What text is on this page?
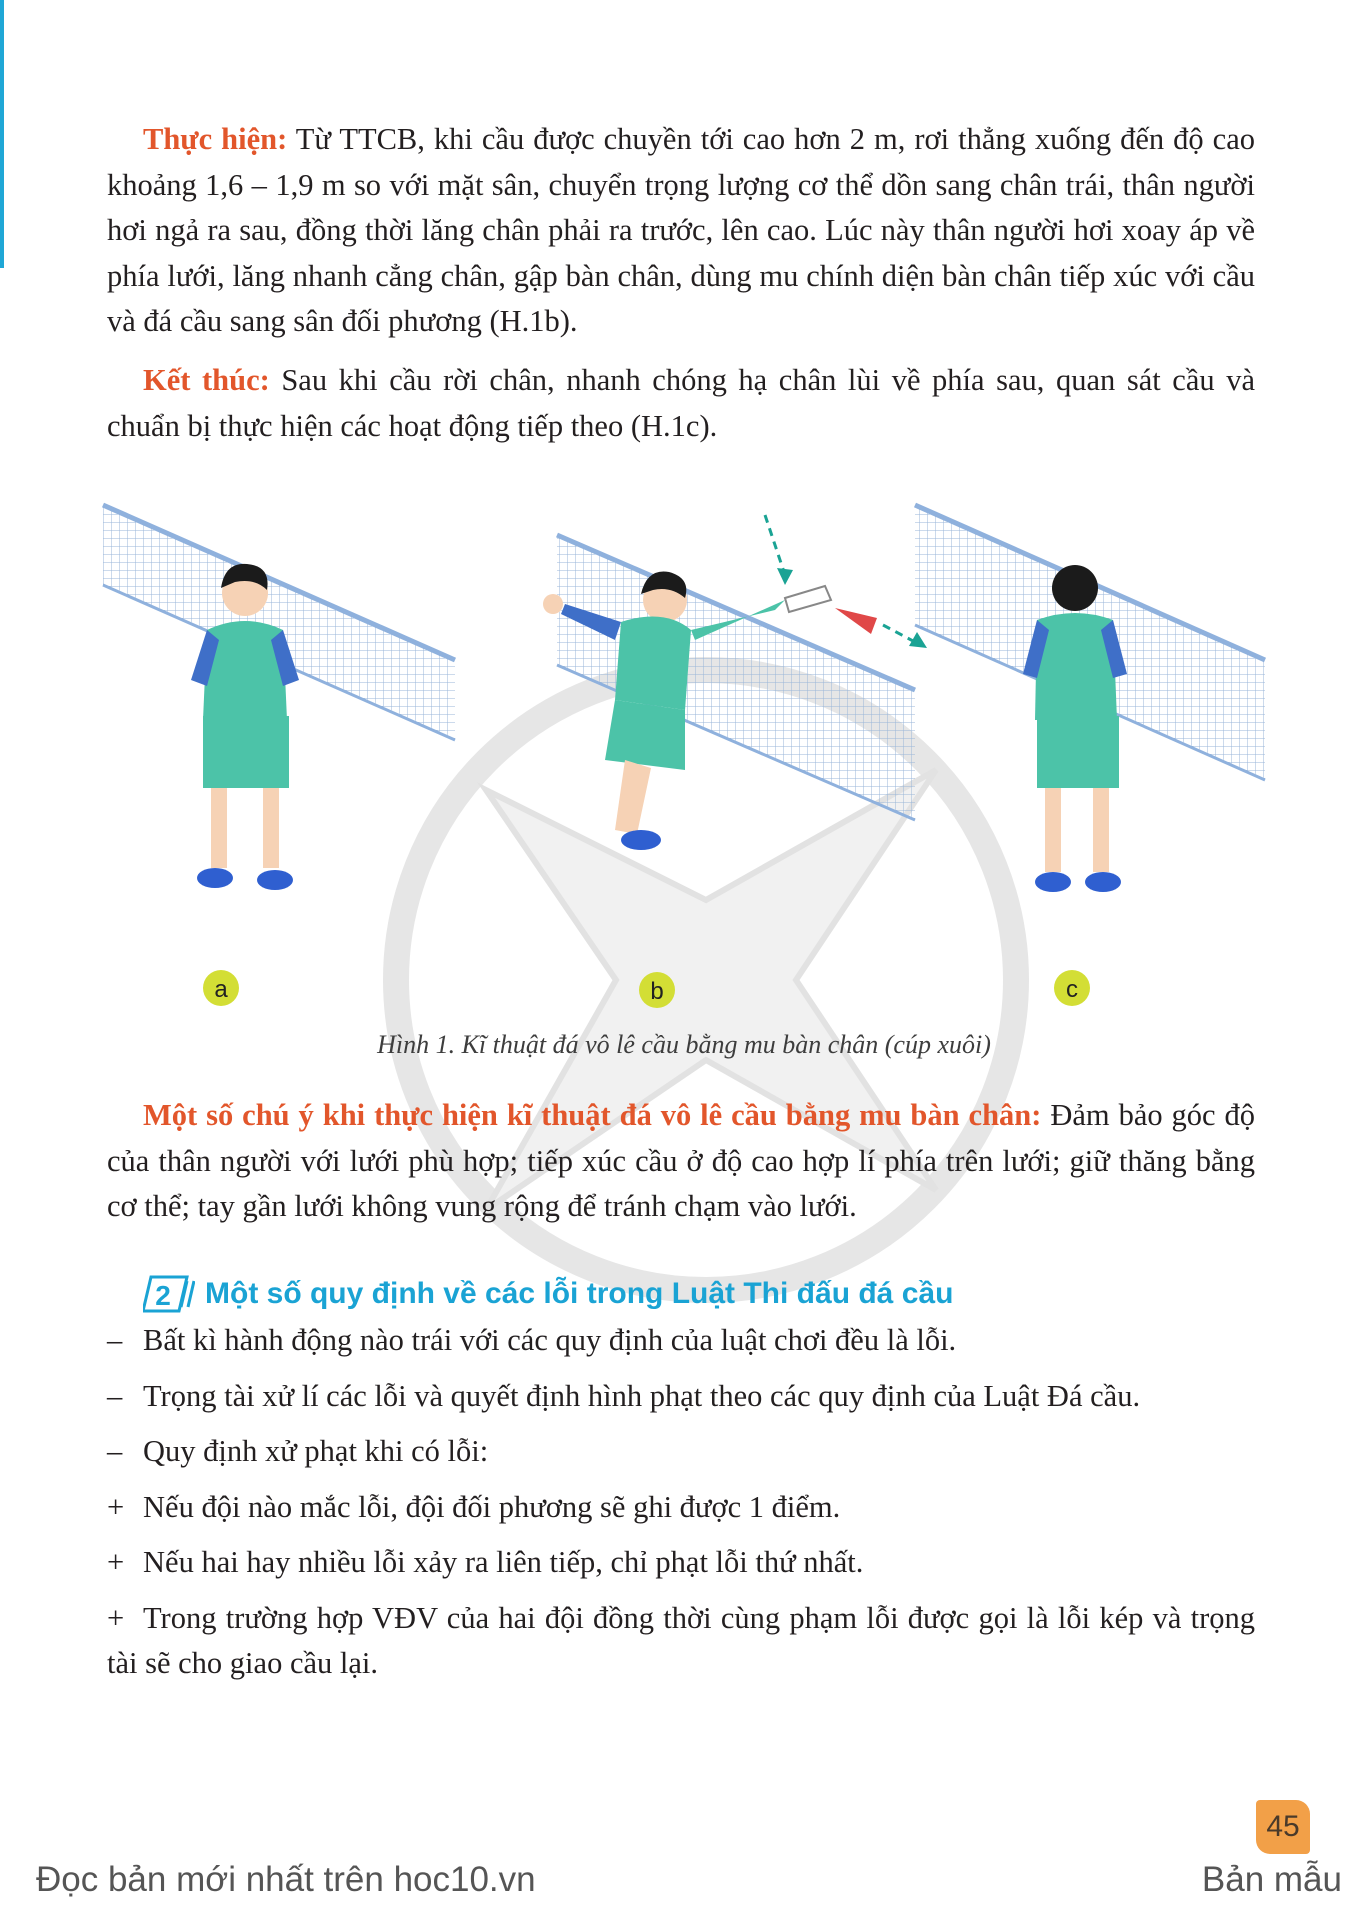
Thực hiện: Từ TTCB, khi cầu được chuyền tới cao hơn 2 m, rơi thẳng xuống đến độ cao khoảng 1,6 – 1,9 m so với mặt sân, chuyển trọng lượng cơ thể dồn sang chân trái, thân người hơi ngả ra sau, đồng thời lăng chân phải ra trước, lên cao. Lúc này thân người hơi xoay áp về phía lưới, lăng nhanh cẳng chân, gập bàn chân, dùng mu chính diện bàn chân tiếp xúc với cầu và đá cầu sang sân đối phương (H.1b).

Kết thúc: Sau khi cầu rời chân, nhanh chóng hạ chân lùi về phía sau, quan sát cầu và chuẩn bị thực hiện các hoạt động tiếp theo (H.1c).

a	b	c
Hình 1. Kĩ thuật đá vô lê cầu bằng mu bàn chân (cúp xuôi)

Một số chú ý khi thực hiện kĩ thuật đá vô lê cầu bằng mu bàn chân: Đảm bảo góc độ của thân người với lưới phù hợp; tiếp xúc cầu ở độ cao hợp lí phía trên lưới; giữ thăng bằng cơ thể; tay gần lưới không vung rộng để tránh chạm vào lưới.

2 Một số quy định về các lỗi trong Luật Thi đấu đá cầu
– Bất kì hành động nào trái với các quy định của luật chơi đều là lỗi.
– Trọng tài xử lí các lỗi và quyết định hình phạt theo các quy định của Luật Đá cầu.
– Quy định xử phạt khi có lỗi:
+ Nếu đội nào mắc lỗi, đội đối phương sẽ ghi được 1 điểm.
+ Nếu hai hay nhiều lỗi xảy ra liên tiếp, chỉ phạt lỗi thứ nhất.
+ Trong trường hợp VĐV của hai đội đồng thời cùng phạm lỗi được gọi là lỗi kép và trọng tài sẽ cho giao cầu lại.
45
Đọc bản mới nhất trên hoc10.vn	Bản mẫu
